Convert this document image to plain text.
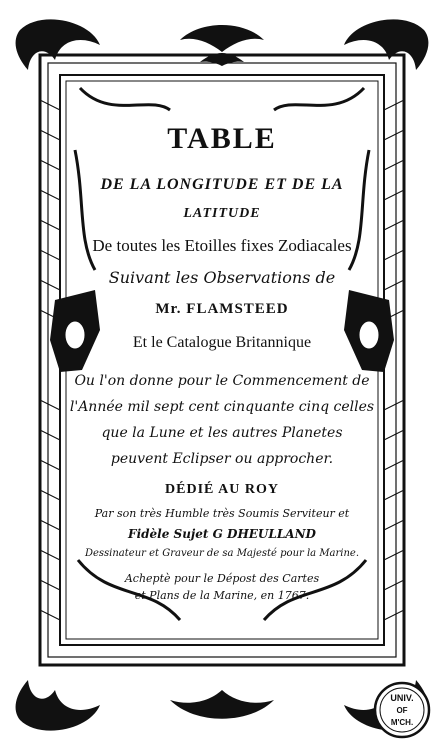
TABLE
DE LA LONGITUDE ET DE LA
LATITUDE
De toutes les Etoilles fixes Zodiacales
Suivant les Observations de
Mr. FLAMSTEED
Et le Catalogue Britannique
Ou l'on donne pour le Commencement de
l'Année mil sept cent cinquante cinq celles
que la Lune et les autres Planetes
peuvent Eclipser ou approcher.
DÉDIÉ AU ROY
Par son très Humble très Soumis Serviteur et
Fidèle Sujet G DHEULLAND
Dessinateur et Graveur de sa Majesté pour la Marine.
Acheptè pour le Dépost des Cartes
et Plans de la Marine, en 1767.
UNIV.
OF
M'CH.
